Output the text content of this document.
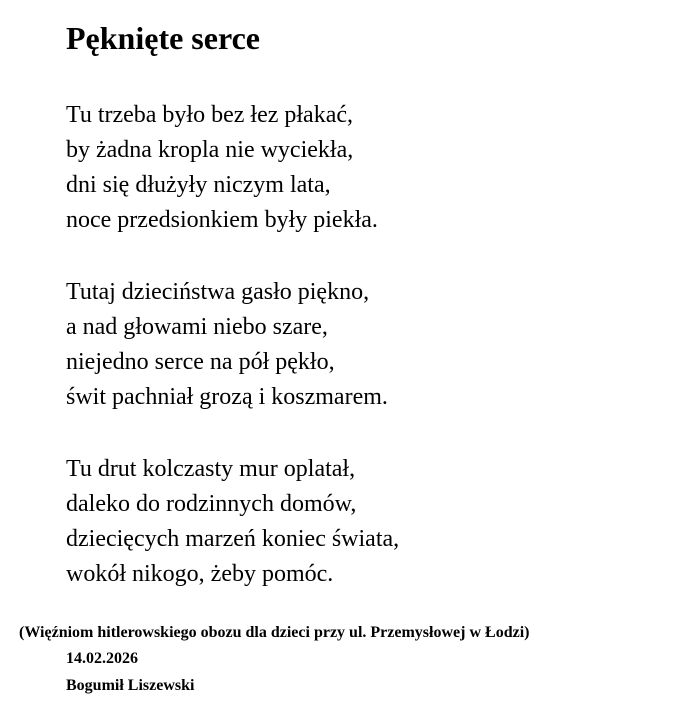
Pęknięte serce
Tu trzeba było bez łez płakać,
by żadna kropla nie wyciekła,
dni się dłużyły niczym lata,
noce przedsionkiem były piekła.
Tutaj dzieciństwa gasło piękno,
a nad głowami niebo szare,
niejedno serce na pół pękło,
świt pachniał grozą i koszmarem.
Tu drut kolczasty mur oplatał,
daleko do rodzinnych domów,
dziecięcych marzeń koniec świata,
wokół nikogo, żeby pomóc.
(Więźniom hitlerowskiego obozu dla dzieci przy ul. Przemysłowej w Łodzi)
14.02.2026
Bogumił Liszewski
